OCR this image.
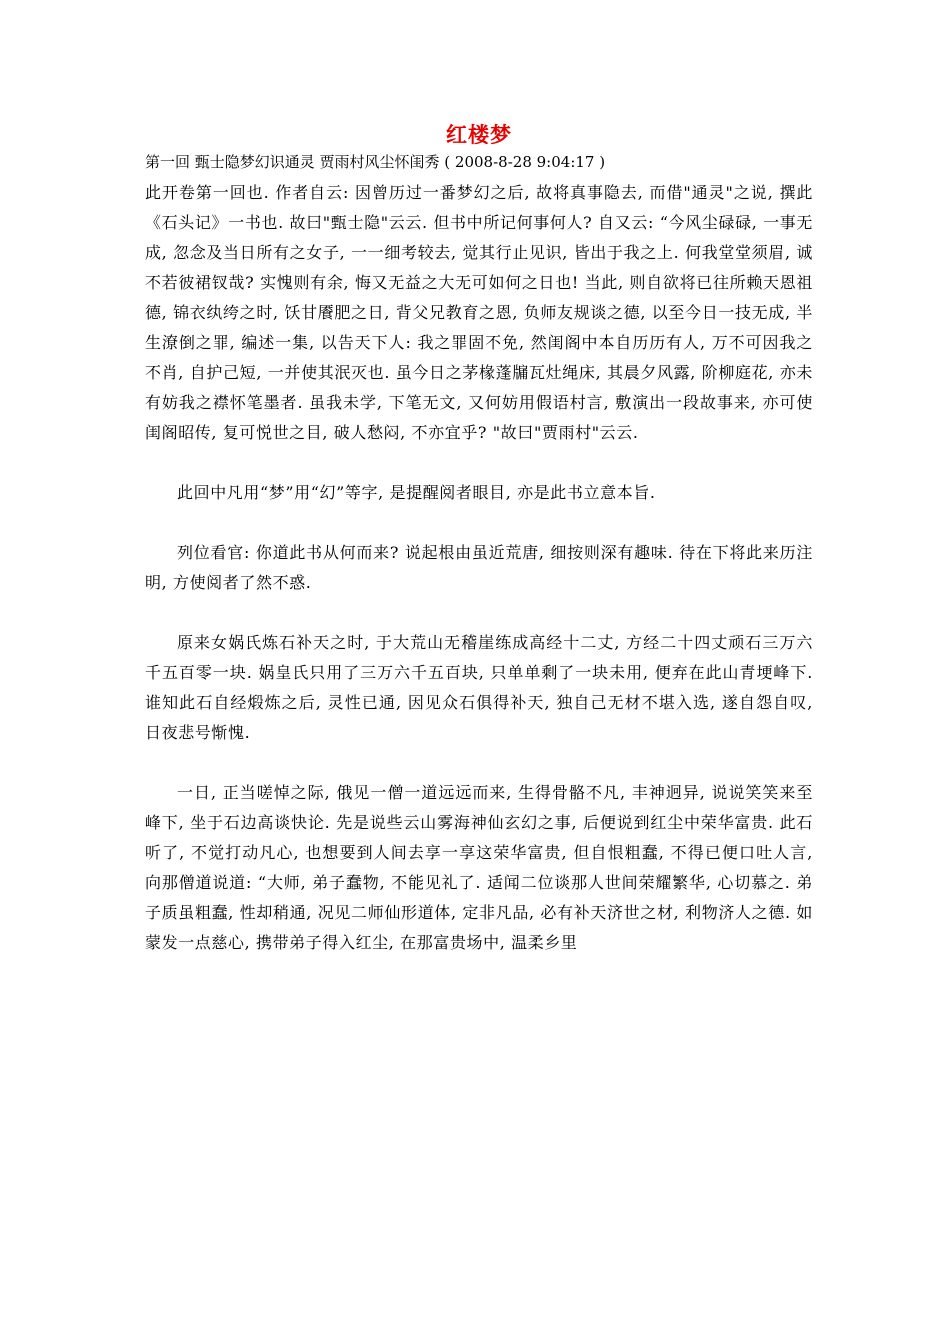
红楼梦

第一回 甄士隐梦幻识通灵 贾雨村风尘怀闺秀 ( 2008-8-28 9:04:17 )

此开卷第一回也. 作者自云: 因曾历过一番梦幻之后, 故将真事隐去, 而借"通灵"之说, 撰此《石头记》一书也. 故曰"甄士隐"云云. 但书中所记何事何人? 自又云: “今风尘碌碌, 一事无成, 忽念及当日所有之女子, 一一细考较去, 觉其行止见识, 皆出于我之上. 何我堂堂须眉, 诚不若彼裙钗哉? 实愧则有余, 悔又无益之大无可如何之日也! 当此, 则自欲将已往所赖天恩祖德, 锦衣纨绔之时, 饫甘餍肥之日, 背父兄教育之恩, 负师友规谈之德, 以至今日一技无成, 半生潦倒之罪, 编述一集, 以告天下人: 我之罪固不免, 然闺阁中本自历历有人, 万不可因我之不肖, 自护己短, 一并使其泯灭也. 虽今日之茅椽蓬牖瓦灶绳床, 其晨夕风露, 阶柳庭花, 亦未有妨我之襟怀笔墨者. 虽我未学, 下笔无文, 又何妨用假语村言, 敷演出一段故事来, 亦可使闺阁昭传, 复可悦世之目, 破人愁闷, 不亦宜乎? "故曰"贾雨村"云云.

此回中凡用“梦”用“幻”等字, 是提醒阅者眼目, 亦是此书立意本旨.

列位看官: 你道此书从何而来? 说起根由虽近荒唐, 细按则深有趣味. 待在下将此来历注明, 方使阅者了然不惑.

原来女娲氏炼石补天之时, 于大荒山无稽崖练成高经十二丈, 方经二十四丈顽石三万六千五百零一块. 娲皇氏只用了三万六千五百块, 只单单剩了一块未用, 便弃在此山青埂峰下. 谁知此石自经煅炼之后, 灵性已通, 因见众石俱得补天, 独自己无材不堪入选, 遂自怨自叹, 日夜悲号惭愧.

一日, 正当嗟悼之际, 俄见一僧一道远远而来, 生得骨骼不凡, 丰神迥异, 说说笑笑来至峰下, 坐于石边高谈快论. 先是说些云山雾海神仙玄幻之事, 后便说到红尘中荣华富贵. 此石听了, 不觉打动凡心, 也想要到人间去享一享这荣华富贵, 但自恨粗蠢, 不得已便口吐人言, 向那僧道说道: “大师, 弟子蠢物, 不能见礼了. 适闻二位谈那人世间荣耀繁华, 心切慕之. 弟子质虽粗蠢, 性却稍通, 况见二师仙形道体, 定非凡品, 必有补天济世之材, 利物济人之德. 如蒙发一点慈心, 携带弟子得入红尘, 在那富贵场中, 温柔乡里
